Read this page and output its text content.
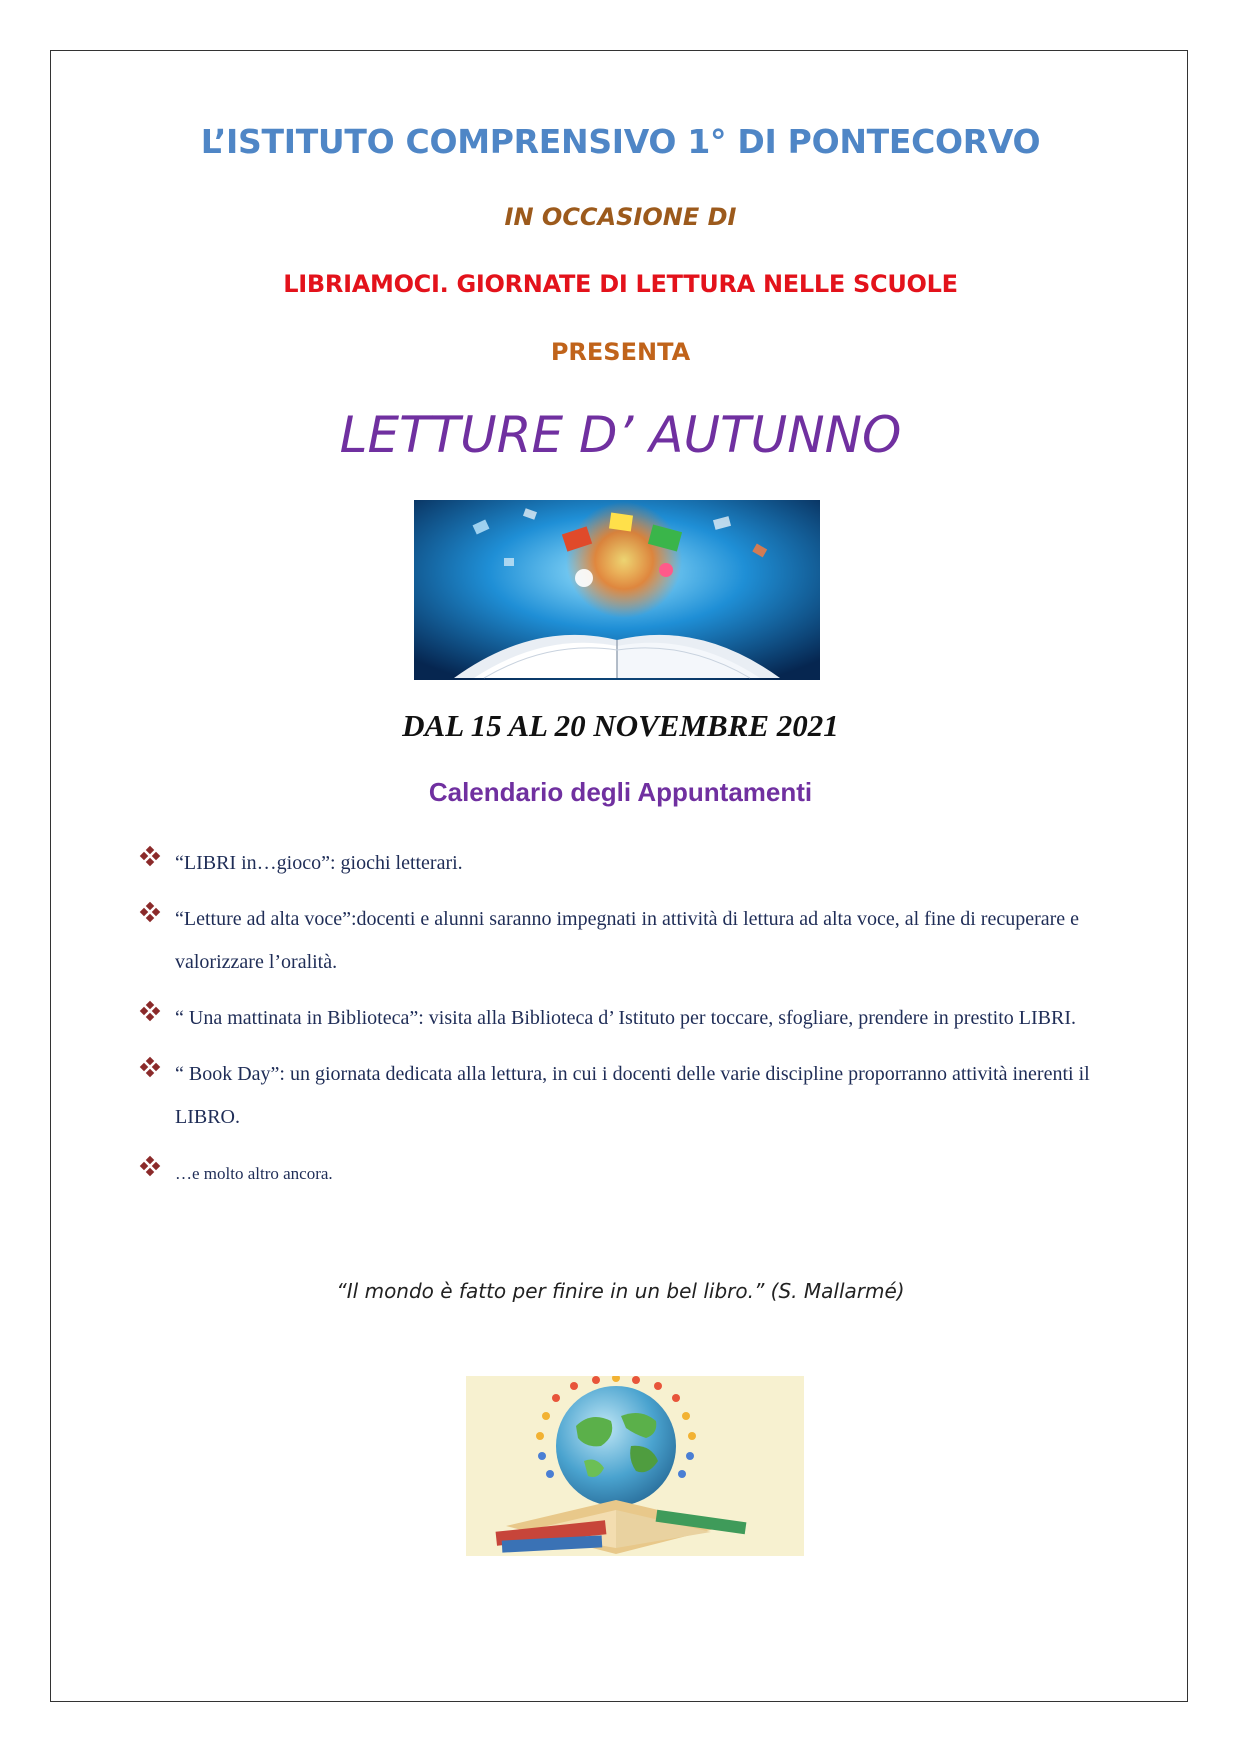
L’ISTITUTO COMPRENSIVO 1° DI PONTECORVO
IN OCCASIONE DI
LIBRIAMOCI. GIORNATE DI LETTURA NELLE SCUOLE
PRESENTA
LETTURE D’ AUTUNNO
DAL 15 AL 20 NOVEMBRE 2021
Calendario degli Appuntamenti
“LIBRI in…gioco”: giochi letterari.
“Letture ad alta voce”:docenti e alunni saranno impegnati in attività di lettura ad alta voce, al fine di recuperare e valorizzare l’oralità.
“ Una mattinata in Biblioteca”: visita alla Biblioteca d’ Istituto per toccare, sfogliare, prendere in prestito LIBRI.
“ Book Day”: un giornata dedicata alla lettura, in cui i docenti delle varie discipline proporranno attività inerenti il LIBRO.
…e molto altro ancora.
“Il mondo è fatto per finire in un bel libro.” (S. Mallarmé)
